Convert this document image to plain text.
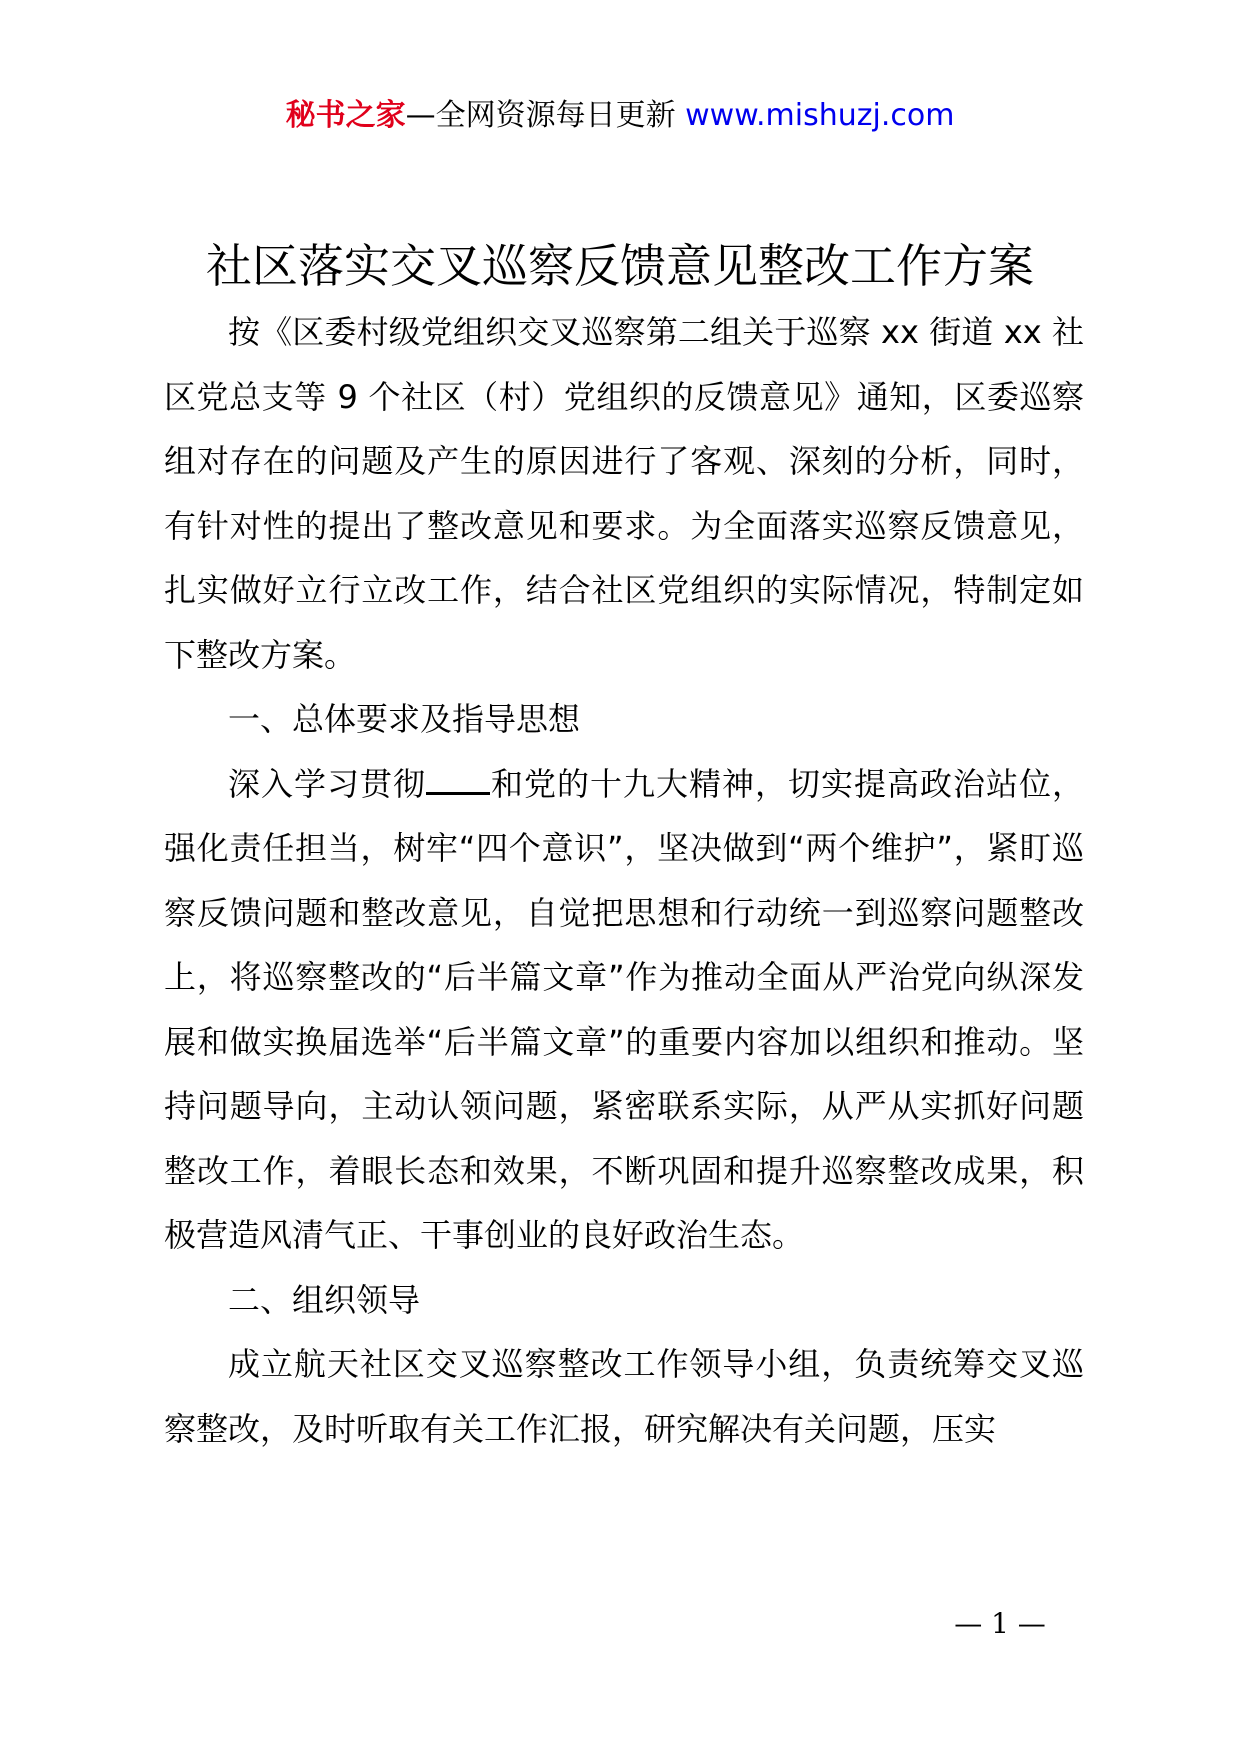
秘书之家—全网资源每日更新 www.mishuzj.com
社区落实交叉巡察反馈意见整改工作方案

按《区委村级党组织交叉巡察第二组关于巡察 xx 街道 xx 社区党总支等 9 个社区（村）党组织的反馈意见》通知，区委巡察组对存在的问题及产生的原因进行了客观、深刻的分析，同时，有针对性的提出了整改意见和要求。为全面落实巡察反馈意见，扎实做好立行立改工作，结合社区党组织的实际情况，特制定如下整改方案。

一、总体要求及指导思想

深入学习贯彻 和党的十九大精神，切实提高政治站位，强化责任担当，树牢“四个意识”，坚决做到“两个维护”，紧盯巡察反馈问题和整改意见，自觉把思想和行动统一到巡察问题整改上，将巡察整改的“后半篇文章”作为推动全面从严治党向纵深发展和做实换届选举“后半篇文章”的重要内容加以组织和推动。坚持问题导向，主动认领问题，紧密联系实际，从严从实抓好问题整改工作，着眼长态和效果，不断巩固和提升巡察整改成果，积极营造风清气正、干事创业的良好政治生态。

二、组织领导

成立航天社区交叉巡察整改工作领导小组，负责统筹交叉巡察整改，及时听取有关工作汇报，研究解决有关问题，压实

— 1 —
